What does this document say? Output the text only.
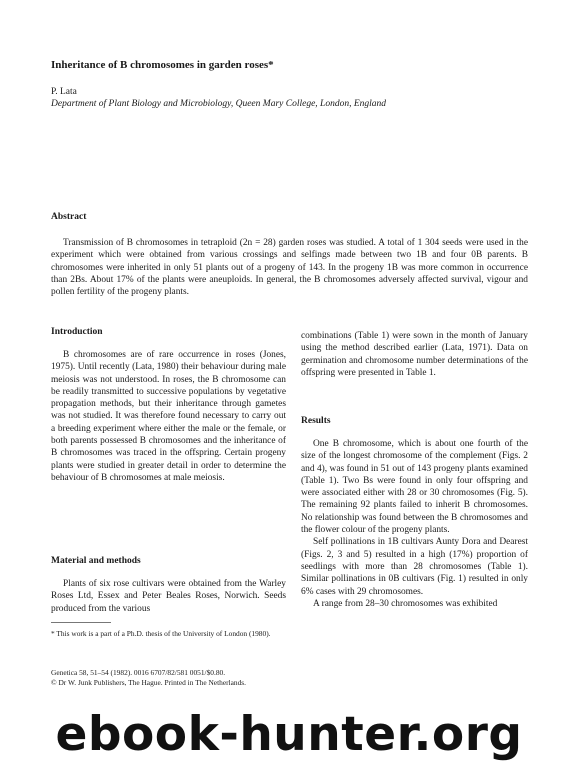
Inheritance of B chromosomes in garden roses*
P. Lata
Department of Plant Biology and Microbiology, Queen Mary College, London, England
Abstract

Transmission of B chromosomes in tetraploid (2n = 28) garden roses was studied. A total of 1 304 seeds were used in the experiment which were obtained from various crossings and selfings made between two 1B and four 0B parents. B chromosomes were inherited in only 51 plants out of a progeny of 143. In the progeny 1B was more common in occurrence than 2Bs. About 17% of the plants were aneuploids. In general, the B chromosomes adversely affected survival, vigour and pollen fertility of the progeny plants.

Introduction

B chromosomes are of rare occurrence in roses (Jones, 1975). Until recently (Lata, 1980) their behaviour during male meiosis was not understood. In roses, the B chromosome can be readily transmitted to successive populations by vegetative propagation methods, but their inheritance through gametes was not studied. It was therefore found necessary to carry out a breeding experiment where either the male or the female, or both parents possessed B chromosomes and the inheritance of B chromosomes was traced in the offspring. Certain progeny plants were studied in greater detail in order to determine the behaviour of B chromosomes at male meiosis.

Material and methods

Plants of six rose cultivars were obtained from the Warley Roses Ltd, Essex and Peter Beales Roses, Norwich. Seeds produced from the various

* This work is a part of a Ph.D. thesis of the University of London (1980).
Genetica 58, 51–54 (1982). 0016 6707/82/581 0051/$0.80.
© Dr W. Junk Publishers, The Hague. Printed in The Netherlands.

combinations (Table 1) were sown in the month of January using the method described earlier (Lata, 1971). Data on germination and chromosome number determinations of the offspring were presented in Table 1.

Results

One B chromosome, which is about one fourth of the size of the longest chromosome of the complement (Figs. 2 and 4), was found in 51 out of 143 progeny plants examined (Table 1). Two Bs were found in only four offspring and were associated either with 28 or 30 chromosomes (Fig. 5). The remaining 92 plants failed to inherit B chromosomes. No relationship was found between the B chromosomes and the flower colour of the progeny plants.

Self pollinations in 1B cultivars Aunty Dora and Dearest (Figs. 2, 3 and 5) resulted in a high (17%) proportion of seedlings with more than 28 chromosomes (Table 1). Similar pollinations in 0B cultivars (Fig. 1) resulted in only 6% cases with 29 chromosomes.

A range from 28–30 chromosomes was exhibited

ebook-hunter.org
